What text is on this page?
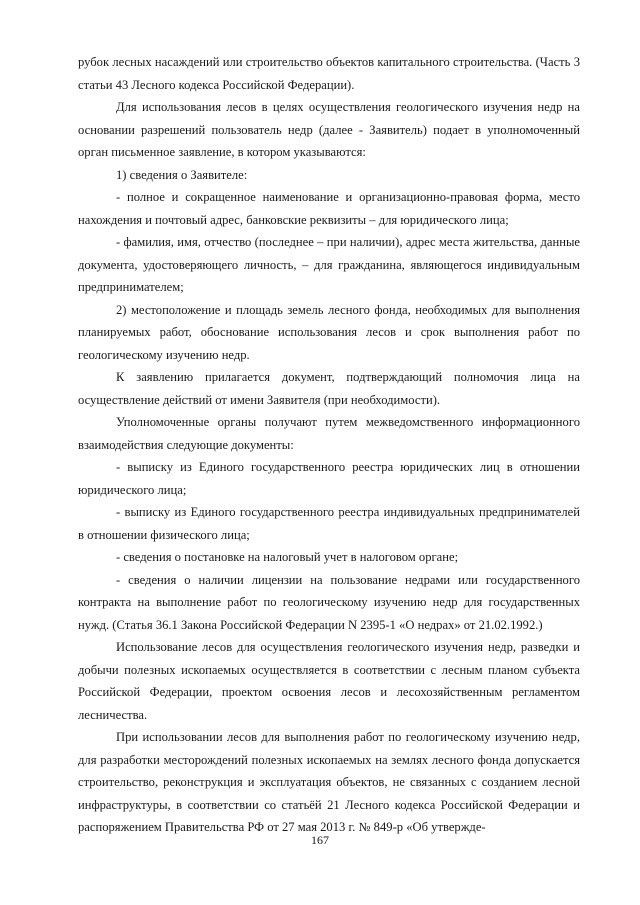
рубок лесных насаждений или строительство объектов капитального строительства. (Часть 3 статьи 43 Лесного кодекса Российской Федерации).

Для использования лесов в целях осуществления геологического изучения недр на основании разрешений пользователь недр (далее - Заявитель) подает в уполномоченный орган письменное заявление, в котором указываются:

1) сведения о Заявителе:

- полное и сокращенное наименование и организационно-правовая форма, место нахождения и почтовый адрес, банковские реквизиты – для юридического лица;

- фамилия, имя, отчество (последнее – при наличии), адрес места жительства, данные документа, удостоверяющего личность, – для гражданина, являющегося индивидуальным предпринимателем;

2) местоположение и площадь земель лесного фонда, необходимых для выполнения планируемых работ, обоснование использования лесов и срок выполнения работ по геологическому изучению недр.

К заявлению прилагается документ, подтверждающий полномочия лица на осуществление действий от имени Заявителя (при необходимости).

Уполномоченные органы получают путем межведомственного информационного взаимодействия следующие документы:

- выписку из Единого государственного реестра юридических лиц в отношении юридического лица;

- выписку из Единого государственного реестра индивидуальных предпринимателей в отношении физического лица;

- сведения о постановке на налоговый учет в налоговом органе;

- сведения о наличии лицензии на пользование недрами или государственного контракта на выполнение работ по геологическому изучению недр для государственных нужд. (Статья 36.1 Закона Российской Федерации N 2395-1 «О недрах» от 21.02.1992.)

Использование лесов для осуществления геологического изучения недр, разведки и добычи полезных ископаемых осуществляется в соответствии с лесным планом субъекта Российской Федерации, проектом освоения лесов и лесохозяйственным регламентом лесничества.

При использовании лесов для выполнения работ по геологическому изучению недр, для разработки месторождений полезных ископаемых на землях лесного фонда допускается строительство, реконструкция и эксплуатация объектов, не связанных с созданием лесной инфраструктуры, в соответствии со статьёй 21 Лесного кодекса Российской Федерации и распоряжением Правительства РФ от 27 мая 2013 г. № 849-р «Об утверждe-

167
